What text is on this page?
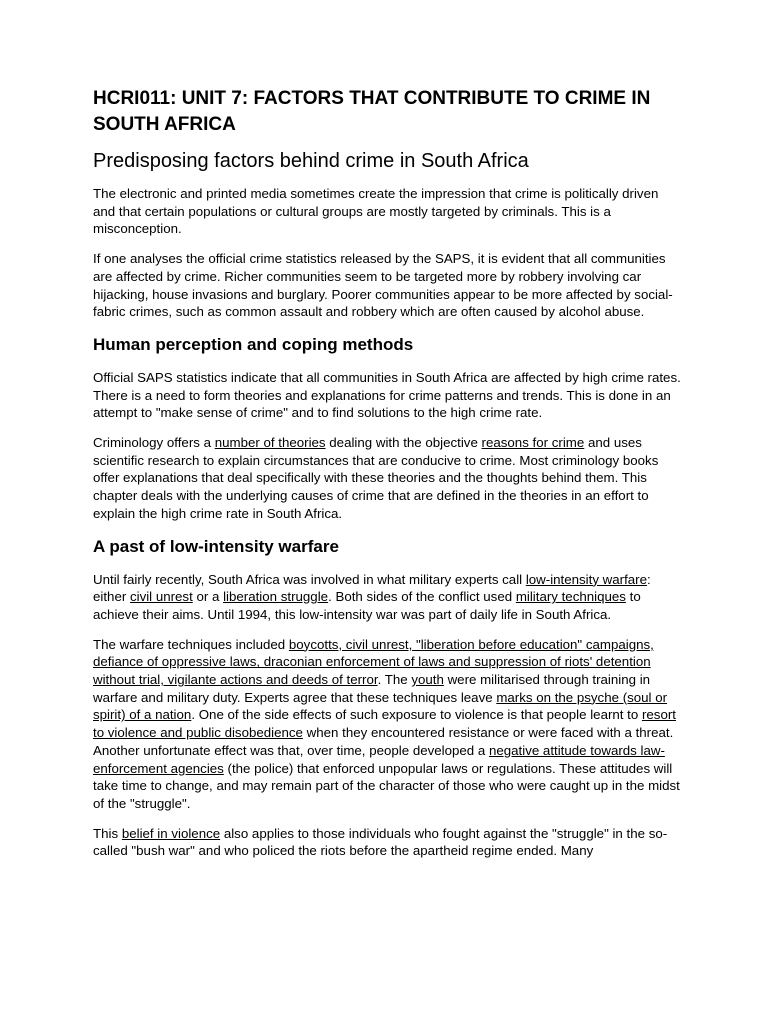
HCRI011: UNIT 7: FACTORS THAT CONTRIBUTE TO CRIME IN SOUTH AFRICA
Predisposing factors behind crime in South Africa

The electronic and printed media sometimes create the impression that crime is politically driven and that certain populations or cultural groups are mostly targeted by criminals. This is a misconception.

If one analyses the official crime statistics released by the SAPS, it is evident that all communities are affected by crime. Richer communities seem to be targeted more by robbery involving car hijacking, house invasions and burglary. Poorer communities appear to be more affected by social-fabric crimes, such as common assault and robbery which are often caused by alcohol abuse.

Human perception and coping methods

Official SAPS statistics indicate that all communities in South Africa are affected by high crime rates. There is a need to form theories and explanations for crime patterns and trends. This is done in an attempt to "make sense of crime" and to find solutions to the high crime rate.

Criminology offers a number of theories dealing with the objective reasons for crime and uses scientific research to explain circumstances that are conducive to crime. Most criminology books offer explanations that deal specifically with these theories and the thoughts behind them. This chapter deals with the underlying causes of crime that are defined in the theories in an effort to explain the high crime rate in South Africa.

A past of low-intensity warfare

Until fairly recently, South Africa was involved in what military experts call low-intensity warfare: either civil unrest or a liberation struggle. Both sides of the conflict used military techniques to achieve their aims. Until 1994, this low-intensity war was part of daily life in South Africa.

The warfare techniques included boycotts, civil unrest, "liberation before education" campaigns, defiance of oppressive laws, draconian enforcement of laws and suppression of riots' detention without trial, vigilante actions and deeds of terror. The youth were militarised through training in warfare and military duty. Experts agree that these techniques leave marks on the psyche (soul or spirit) of a nation. One of the side effects of such exposure to violence is that people learnt to resort to violence and public disobedience when they encountered resistance or were faced with a threat. Another unfortunate effect was that, over time, people developed a negative attitude towards law-enforcement agencies (the police) that enforced unpopular laws or regulations. These attitudes will take time to change, and may remain part of the character of those who were caught up in the midst of the "struggle".

This belief in violence also applies to those individuals who fought against the "struggle" in the so-called "bush war" and who policed the riots before the apartheid regime ended. Many
